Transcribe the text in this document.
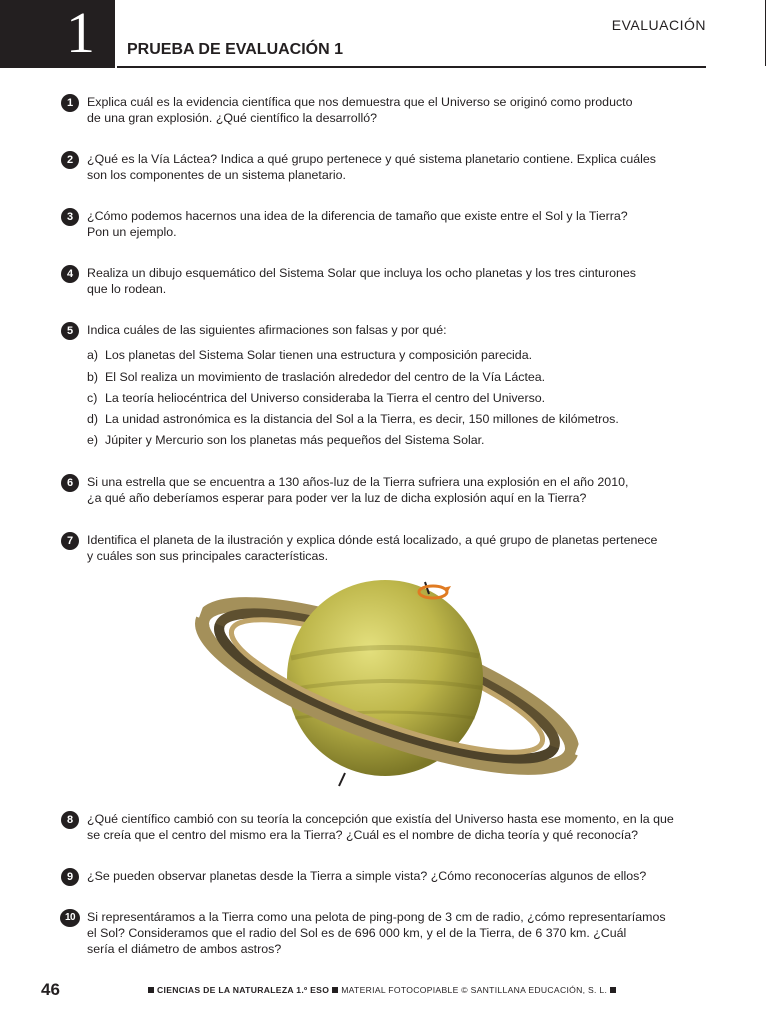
1	EVALUACIÓN
PRUEBA DE EVALUACIÓN 1
1	Explica cuál es la evidencia científica que nos demuestra que el Universo se originó como producto
de una gran explosión. ¿Qué científico la desarrolló?
2	¿Qué es la Vía Láctea? Indica a qué grupo pertenece y qué sistema planetario contiene. Explica cuáles
son los componentes de un sistema planetario.
3	¿Cómo podemos hacernos una idea de la diferencia de tamaño que existe entre el Sol y la Tierra?
Pon un ejemplo.
4	Realiza un dibujo esquemático del Sistema Solar que incluya los ocho planetas y los tres cinturones
que lo rodean.
5	Indica cuáles de las siguientes afirmaciones son falsas y por qué:
a) Los planetas del Sistema Solar tienen una estructura y composición parecida.
b) El Sol realiza un movimiento de traslación alrededor del centro de la Vía Láctea.
c) La teoría heliocéntrica del Universo consideraba la Tierra el centro del Universo.
d) La unidad astronómica es la distancia del Sol a la Tierra, es decir, 150 millones de kilómetros.
e) Júpiter y Mercurio son los planetas más pequeños del Sistema Solar.
6	Si una estrella que se encuentra a 130 años-luz de la Tierra sufriera una explosión en el año 2010,
¿a qué año deberíamos esperar para poder ver la luz de dicha explosión aquí en la Tierra?
7	Identifica el planeta de la ilustración y explica dónde está localizado, a qué grupo de planetas pertenece
y cuáles son sus principales características.
8	¿Qué científico cambió con su teoría la concepción que existía del Universo hasta ese momento, en la que
se creía que el centro del mismo era la Tierra? ¿Cuál es el nombre de dicha teoría y qué reconocía?
9	¿Se pueden observar planetas desde la Tierra a simple vista? ¿Cómo reconocerías algunos de ellos?
10 Si representáramos a la Tierra como una pelota de ping-pong de 3 cm de radio, ¿cómo representaríamos
el Sol? Consideramos que el radio del Sol es de 696 000 km, y el de la Tierra, de 6 370 km. ¿Cuál
sería el diámetro de ambos astros?
46	CIENCIAS DE LA NATURALEZA 1.º ESO MATERIAL FOTOCOPIABLE © SANTILLANA EDUCACIÓN, S. L.
